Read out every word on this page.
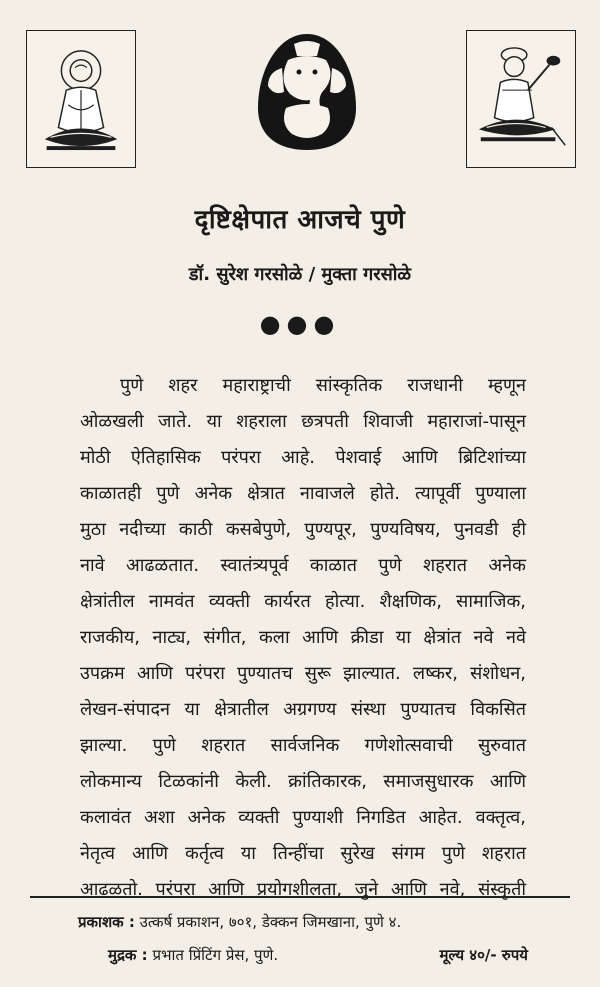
दृष्टिक्षेपात आजचे पुणे
डॉ. सुरेश गरसोळे / मुक्ता गरसोळे
●●●
पुणे शहर महाराष्ट्राची सांस्कृतिक राजधानी म्हणून
ओळखली जाते. या शहराला छत्रपती शिवाजी महाराजां-पासून
मोठी ऐतिहासिक परंपरा आहे. पेशवाई आणि ब्रिटिशांच्या
काळातही पुणे अनेक क्षेत्रात नावाजले होते. त्यापूर्वी पुण्याला
मुठा नदीच्या काठी कसबेपुणे, पुण्यपूर, पुण्यविषय, पुनवडी ही
नावे आढळतात. स्वातंत्र्यपूर्व काळात पुणे शहरात अनेक
क्षेत्रांतील नामवंत व्यक्ती कार्यरत होत्या. शैक्षणिक, सामाजिक,
राजकीय, नाट्य, संगीत, कला आणि क्रीडा या क्षेत्रांत नवे नवे
उपक्रम आणि परंपरा पुण्यातच सुरू झाल्यात. लष्कर, संशोधन,
लेखन-संपादन या क्षेत्रातील अग्रगण्य संस्था पुण्यातच विकसित
झाल्या. पुणे शहरात सार्वजनिक गणेशोत्सवाची सुरुवात
लोकमान्य टिळकांनी केली. क्रांतिकारक, समाजसुधारक आणि
कलावंत अशा अनेक व्यक्ती पुण्याशी निगडित आहेत. वक्तृत्व,
नेतृत्व आणि कर्तृत्व या तिन्हींचा सुरेख संगम पुणे शहरात
आढळतो. परंपरा आणि प्रयोगशीलता, जुने आणि नवे, संस्कृती
प्रकाशक : उत्कर्ष प्रकाशन, ७०१, डेक्कन जिमखाना, पुणे ४.
मुद्रक : प्रभात प्रिंटिंग प्रेस, पुणे.	मूल्य ४०/- रुपये
